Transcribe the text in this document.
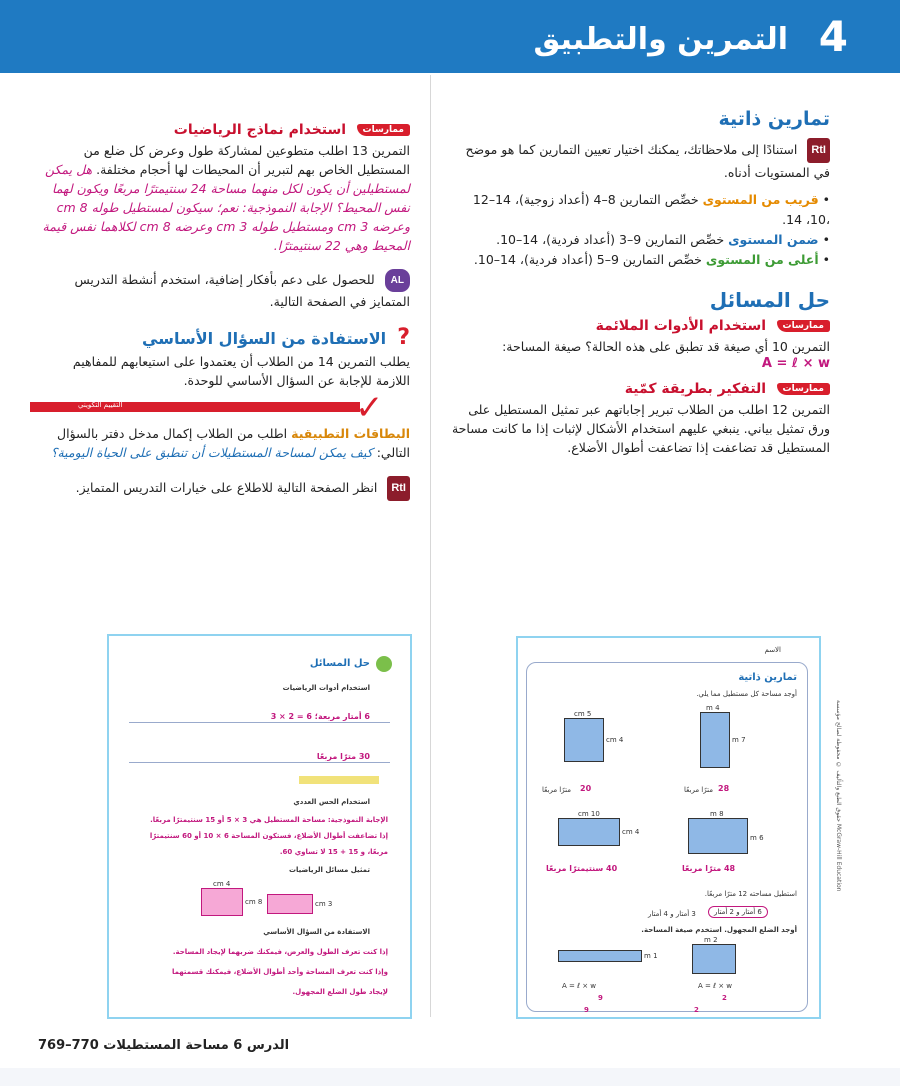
4
التمرين والتطبيق
تمارين ذاتية
RtI استنادًا إلى ملاحظاتك، يمكنك اختيار تعيين التمارين كما هو موضح في المستويات أدناه.
• قريب من المستوى خصِّص التمارين 8–4 (أعداد زوجية)، 14–12 ،10، 14.
• ضمن المستوى خصِّص التمارين 9–3 (أعداد فردية)، 14–10.
• أعلى من المستوى خصِّص التمارين 9–5 (أعداد فردية)، 14–10.
حل المسائل
ممارسات استخدام الأدوات الملائمة
التمرين 10 أي صيغة قد تطبق على هذه الحالة؟ صيغة المساحة:
A = ℓ × w
ممارسات التفكير بطريقة كمّية
التمرين 12 اطلب من الطلاب تبرير إجاباتهم عبر تمثيل المستطيل على ورق تمثيل بياني. ينبغي عليهم استخدام الأشكال لإثبات إذا ما كانت مساحة المستطيل قد تضاعفت إذا تضاعفت أطوال الأضلاع.
ممارسات استخدام نماذج الرياضيات
التمرين 13 اطلب متطوعين لمشاركة طول وعرض كل ضلع من المستطيل الخاص بهم لتبرير أن المحيطات لها أحجام مختلفة. هل يمكن لمستطيلين أن يكون لكل منهما مساحة 24 سنتيمترًا مربعًا ويكون لهما نفس المحيط؟ الإجابة النموذجية: نعم؛ سيكون لمستطيل طوله 8 cm وعرضه 3 cm ومستطيل طوله 3 cm وعرضه 8 cm لكلاهما نفس قيمة المحيط وهي 22 سنتيمترًا.
AL للحصول على دعم بأفكار إضافية، استخدم أنشطة التدريس المتمايز في الصفحة التالية.
? الاستفادة من السؤال الأساسي
يطلب التمرين 14 من الطلاب أن يعتمدوا على استيعابهم للمفاهيم اللازمة للإجابة عن السؤال الأساسي للوحدة.
التقييم التكويني	✓
البطاقات التطبيقية اطلب من الطلاب إكمال مدخل دفتر بالسؤال التالي: كيف يمكن لمساحة المستطيلات أن تنطبق على الحياة اليومية؟
RtI انظر الصفحة التالية للاطلاع على خيارات التدريس المتمايز.
حل المسائل
استخدام أدوات الرياضيات
6 أمتار مربعة؛ 6 = 2 × 3
30 مترًا مربعًا
استخدام الحس العددي
الإجابة النموذجية: مساحة المستطيل هي 3 × 5 أو 15 سنتيمترًا مربعًا.
إذا تضاعفت أطوال الأضلاع، فستكون المساحة 6 × 10 أو 60 سنتيمترًا
مربعًا، و 15 + 15 لا تساوي 60.
تمثيل مسائل الرياضيات
4 cm
8 cm	3 cm
الاستفادة من السؤال الأساسي
إذا كنت تعرف الطول والعرض، فيمكنك ضربهما لإيجاد المساحة.
وإذا كنت تعرف المساحة وأحد أطوال الأضلاع، فيمكنك قسمتهما
لإيجاد طول الضلع المجهول.
الاسم
تمارين ذاتية
أوجد مساحة كل مستطيل مما يلي.
4 m
7 m
5 cm
4 cm
28
مترًا مربعًا
20
مترًا مربعًا
8 m
6 m
10 cm
4 cm
48 مترًا مربعًا
40 سنتيمترًا مربعًا
استطيل مساحته 12 مترًا مربعًا.
3 أمتار و 4 أمتار	6 أمتار و 2 أمتار
أوجد الضلع المجهول. استخدم صيغة المساحة.
2 m
1 m
A = ℓ × w
A = ℓ × w
9	2
9	2
حقوق الطبع والتأليف © محفوظة لصالح مؤسسة McGraw-Hill Education
الدرس 6 مساحة المستطيلات 770–769
